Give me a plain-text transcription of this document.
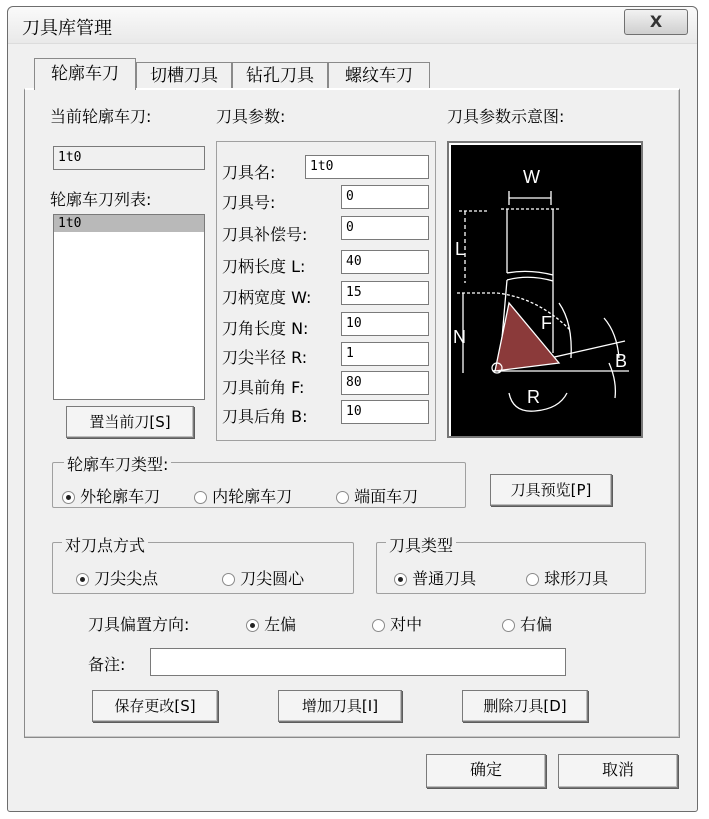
刀具库管理	X
轮廓车刀	切槽刀具	钻孔刀具	螺纹车刀
当前轮廓车刀:
1t0
轮廓车刀列表:
1t0
置当前刀[S]
刀具参数:
刀具名:	1t0
刀具号:	0
刀具补偿号:	0
刀柄长度 L:	40
刀柄宽度 W:	15
刀角长度 N:	10
刀尖半径 R:	1
刀具前角 F:	80
刀具后角 B:	10
刀具参数示意图:
W
L
N
F
B
R
轮廓车刀类型:
外轮廓车刀	内轮廓车刀	端面车刀	刀具预览[P]
对刀点方式
刀尖尖点	刀尖圆心
刀具类型
普通刀具	球形刀具
刀具偏置方向:	左偏	对中	右偏
备注:
保存更改[S]	增加刀具[I]	删除刀具[D]
确定	取消
